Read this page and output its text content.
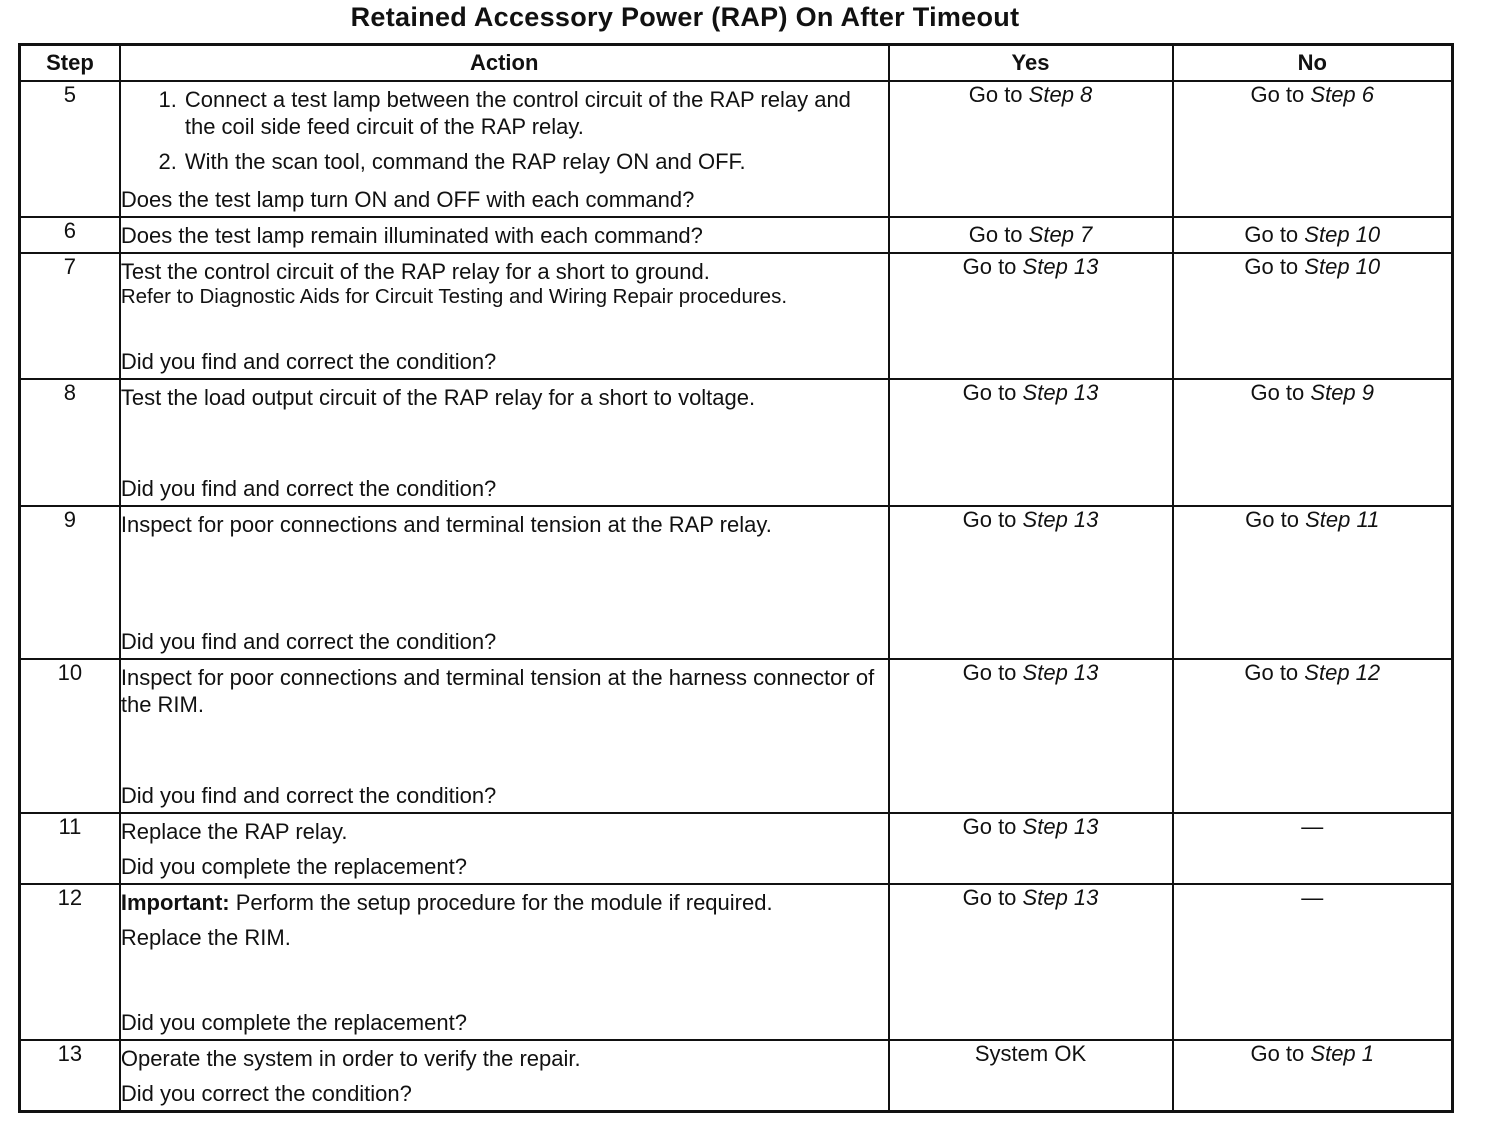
Retained Accessory Power (RAP) On After Timeout
Step	Action	Yes	No
5	1. Connect a test lamp between the control circuit of the RAP relay and the coil side feed circuit of the RAP relay.
2. With the scan tool, command the RAP relay ON and OFF.
Does the test lamp turn ON and OFF with each command?	Go to Step 8	Go to Step 6
6	Does the test lamp remain illuminated with each command?	Go to Step 7	Go to Step 10
7	Test the control circuit of the RAP relay for a short to ground.
Refer to Diagnostic Aids for Circuit Testing and Wiring Repair procedures.
Did you find and correct the condition?	Go to Step 13	Go to Step 10
8	Test the load output circuit of the RAP relay for a short to voltage.
Did you find and correct the condition?	Go to Step 13	Go to Step 9
9	Inspect for poor connections and terminal tension at the RAP relay.
Did you find and correct the condition?	Go to Step 13	Go to Step 11
10	Inspect for poor connections and terminal tension at the harness connector of the RIM.
Did you find and correct the condition?	Go to Step 13	Go to Step 12
11	Replace the RAP relay.
Did you complete the replacement?	Go to Step 13	—
12	Important: Perform the setup procedure for the module if required.
Replace the RIM.
Did you complete the replacement?	Go to Step 13	—
13	Operate the system in order to verify the repair.
Did you correct the condition?	System OK	Go to Step 1
